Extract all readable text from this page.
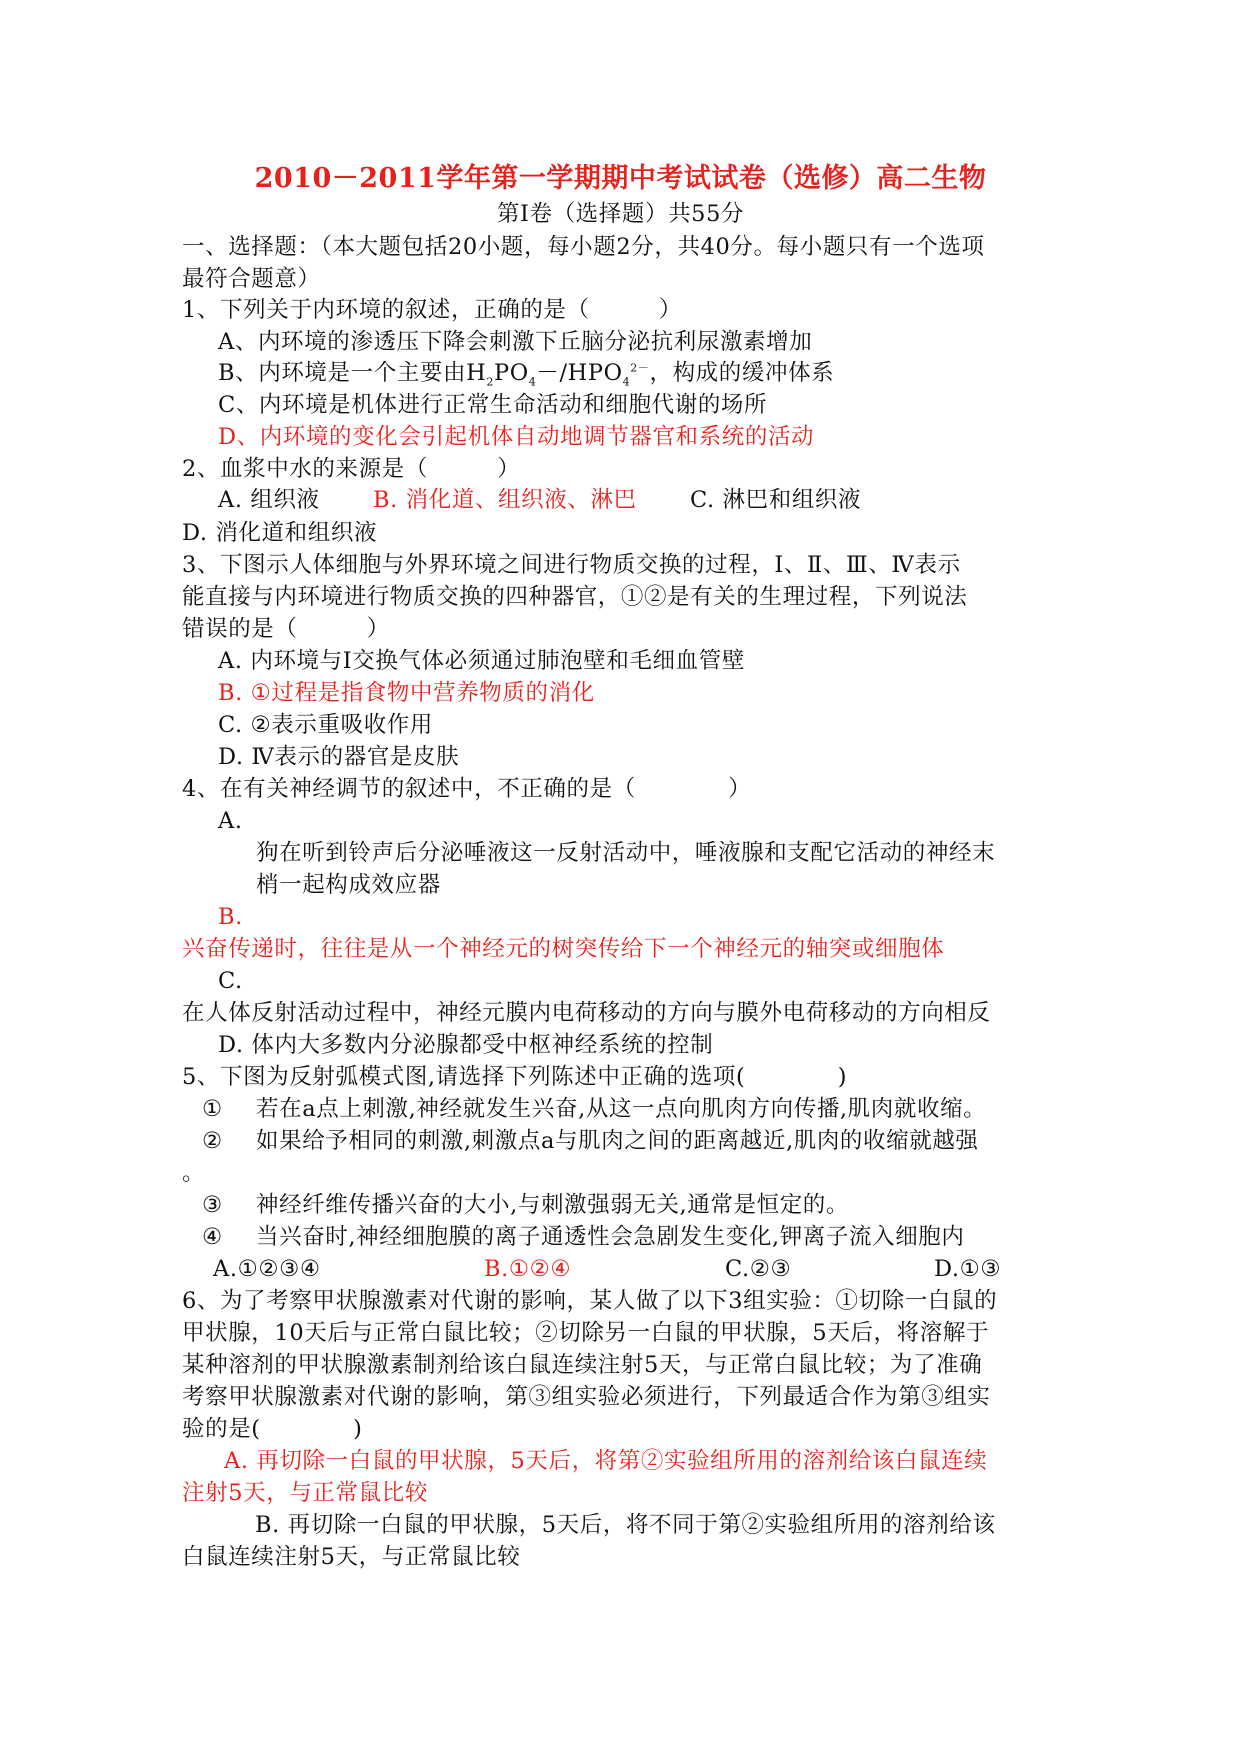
2010－2011学年第一学期期中考试试卷（选修）高二生物
第Ⅰ卷（选择题）共55分
一、选择题：（本大题包括20小题，每小题2分，共40分。每小题只有一个选项
最符合题意）
1、下列关于内环境的叙述，正确的是（　　　）
A、内环境的渗透压下降会刺激下丘脑分泌抗利尿激素增加
B、内环境是一个主要由$H_2PO_4-/HPO_4^{2-}$，构成的缓冲体系
C、内环境是机体进行正常生命活动和细胞代谢的场所
D、内环境的变化会引起机体自动地调节器官和系统的活动
2、血浆中水的来源是（　　　）
A. 组织液 B. 消化道、组织液、淋巴 C. 淋巴和组织液
D. 消化道和组织液
3、下图示人体细胞与外界环境之间进行物质交换的过程，Ⅰ、Ⅱ、Ⅲ、Ⅳ表示
能直接与内环境进行物质交换的四种器官，①②是有关的生理过程，下列说法
错误的是（　　　）
A. 内环境与Ⅰ交换气体必须通过肺泡壁和毛细血管壁
B. ①过程是指食物中营养物质的消化
C. ②表示重吸收作用
D. Ⅳ表示的器官是皮肤
4、在有关神经调节的叙述中，不正确的是（　　　　）
A.
狗在听到铃声后分泌唾液这一反射活动中，唾液腺和支配它活动的神经末
梢一起构成效应器
B.
兴奋传递时，往往是从一个神经元的树突传给下一个神经元的轴突或细胞体
C.
在人体反射活动过程中，神经元膜内电荷移动的方向与膜外电荷移动的方向相反
D. 体内大多数内分泌腺都受中枢神经系统的控制
5、下图为反射弧模式图,请选择下列陈述中正确的选项(　　　　)
① 若在a点上刺激,神经就发生兴奋,从这一点向肌肉方向传播,肌肉就收缩。
② 如果给予相同的刺激,刺激点a与肌肉之间的距离越近,肌肉的收缩就越强
。
③ 神经纤维传播兴奋的大小,与刺激强弱无关,通常是恒定的。
④ 当兴奋时,神经细胞膜的离子通透性会急剧发生变化,钾离子流入细胞内
A.①②③④	B.①②④	C.②③	D.①③
6、为了考察甲状腺激素对代谢的影响，某人做了以下3组实验：①切除一白鼠的
甲状腺，10天后与正常白鼠比较；②切除另一白鼠的甲状腺，5天后，将溶解于
某种溶剂的甲状腺激素制剂给该白鼠连续注射5天，与正常白鼠比较；为了准确
考察甲状腺激素对代谢的影响，第③组实验必须进行，下列最适合作为第③组实
验的是(　　　　)
A. 再切除一白鼠的甲状腺，5天后，将第②实验组所用的溶剂给该白鼠连续
注射5天，与正常鼠比较
B. 再切除一白鼠的甲状腺，5天后，将不同于第②实验组所用的溶剂给该
白鼠连续注射5天，与正常鼠比较
